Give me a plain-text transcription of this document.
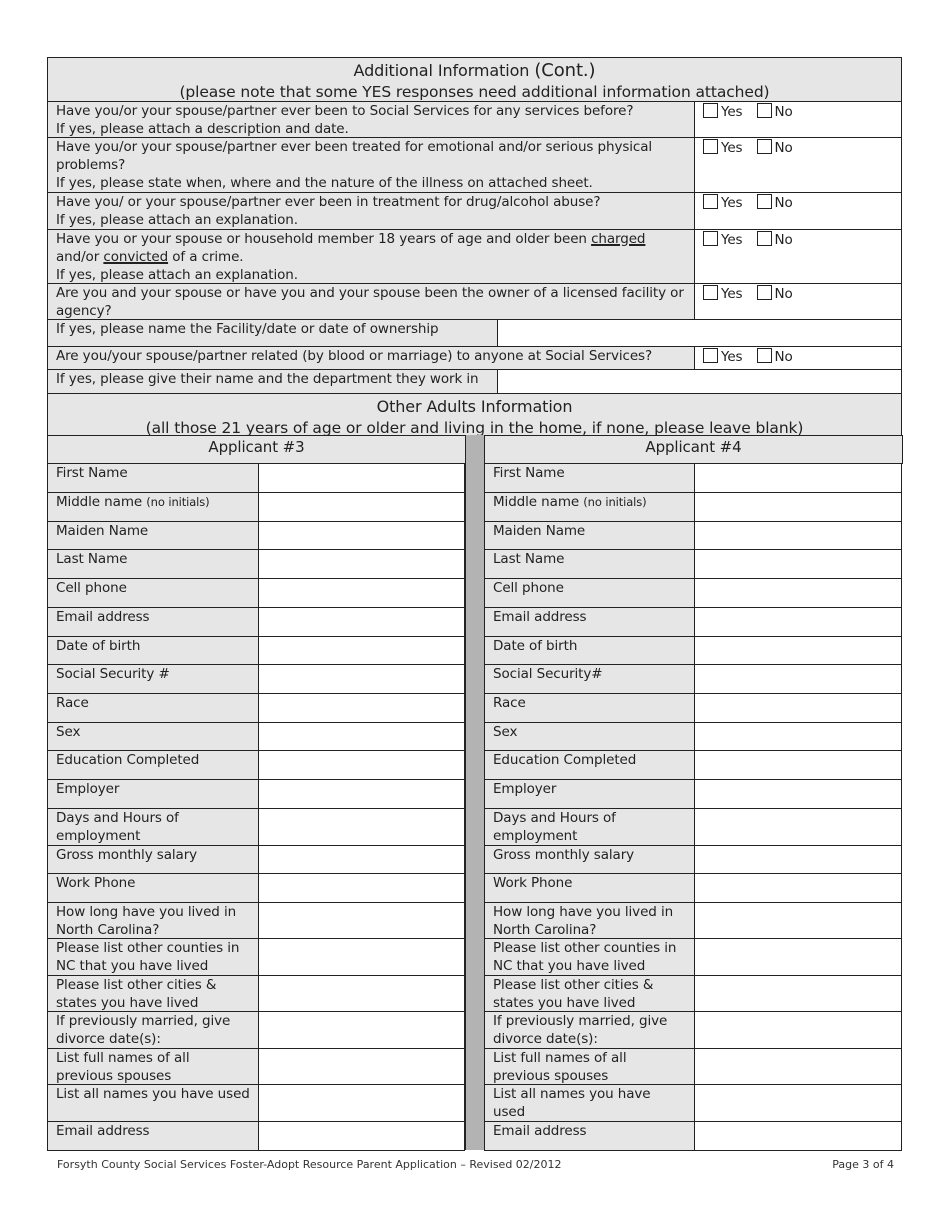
Additional Information (Cont.)
(please note that some YES responses need additional information attached)
Other Adults Information
(all those 21 years of age or older and living in the home, if none, please leave blank)
Forsyth County Social Services Foster-Adopt Resource Parent Application – Revised 02/2012	Page 3 of 4
Have you/or your spouse/partner ever been to Social Services for any services before?
If yes, please attach a description and date.
Yes	No
Have you/or your spouse/partner ever been treated for emotional and/or serious physical problems?
If yes, please state when, where and the nature of the illness on attached sheet.
Yes	No
Have you/ or your spouse/partner ever been in treatment for drug/alcohol abuse?
If yes, please attach an explanation.
Yes	No
Have you or your spouse or household member 18 years of age and older been charged
and/or convicted of a crime.
If yes, please attach an explanation.
Yes	No
Are you and your spouse or have you and your spouse been the owner of a licensed facility or agency?
Yes	No
If yes, please name the Facility/date or date of ownership
Are you/your spouse/partner related (by blood or marriage) to anyone at Social Services?	Yes	No
If yes, please give their name and the department they work in
Applicant #3
First Name
Middle name (no initials)
Maiden Name
Last Name
Cell phone
Email address
Date of birth
Social Security #
Race
Sex
Education Completed
Employer
Days and Hours of employment
Gross monthly salary
Work Phone
How long have you lived in North Carolina?
Please list other counties in NC that you have lived
Please list other cities & states you have lived
If previously married, give divorce date(s):
List full names of all previous spouses
List all names you have used
Email address
Applicant #4
First Name
Middle name (no initials)
Maiden Name
Last Name
Cell phone
Email address
Date of birth
Social Security#
Race
Sex
Education Completed
Employer
Days and Hours of employment
Gross monthly salary
Work Phone
How long have you lived in North Carolina?
Please list other counties in NC that you have lived
Please list other cities & states you have lived
If previously married, give divorce date(s):
List full names of all previous spouses
List all names you have used
Email address
